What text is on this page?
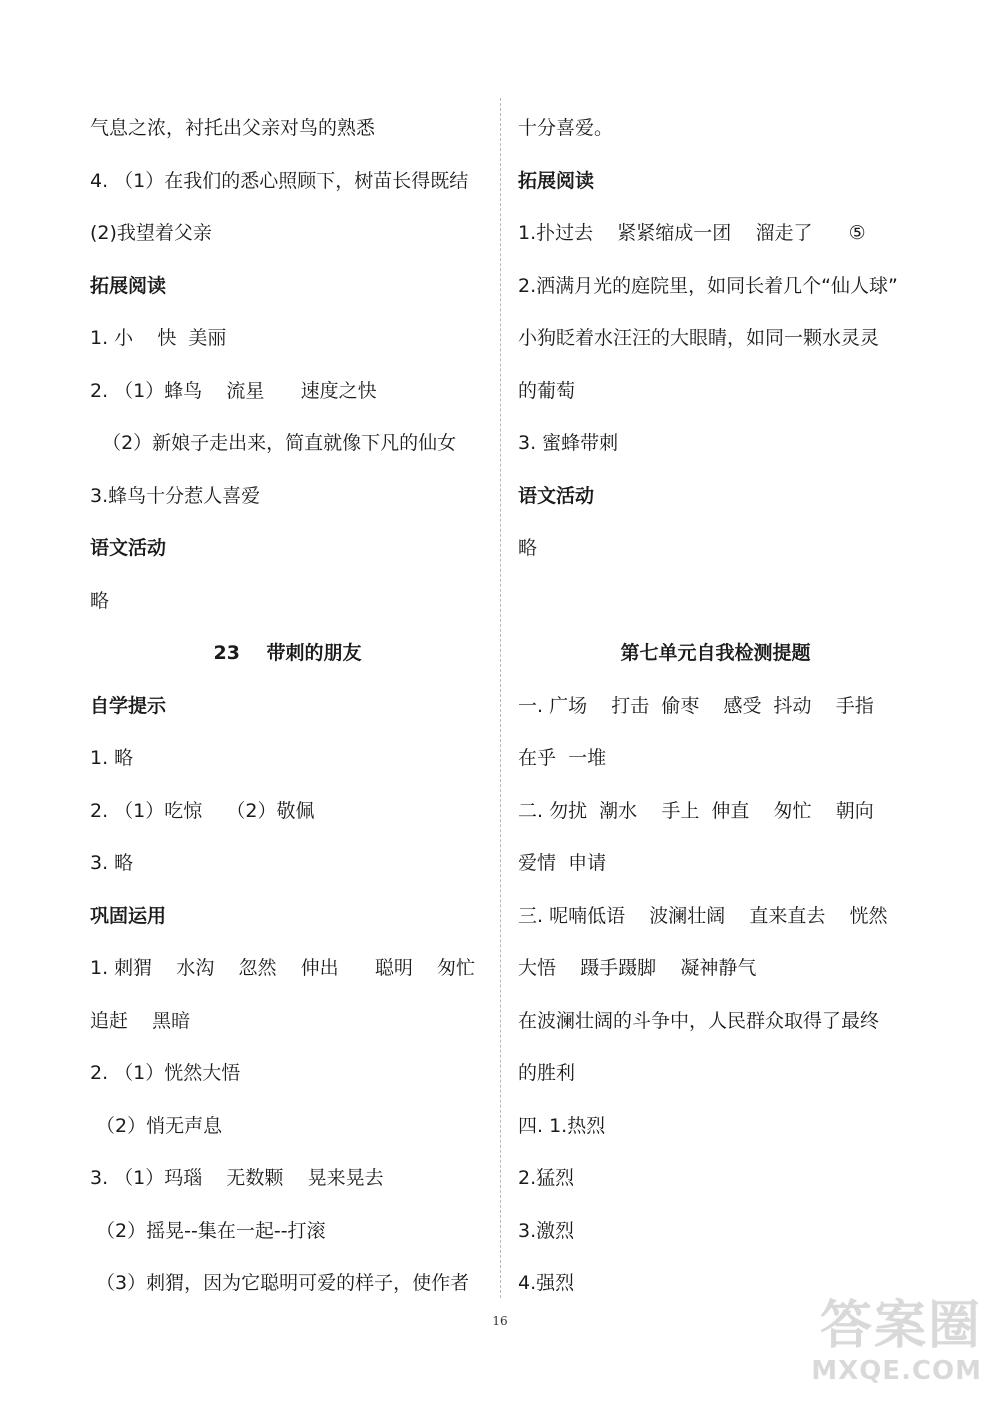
气息之浓，衬托出父亲对鸟的熟悉
4. （1）在我们的悉心照顾下，树苗长得既结
(2)我望着父亲
拓展阅读
1. 小    快  美丽
2. （1）蜂鸟    流星      速度之快
（2）新娘子走出来，简直就像下凡的仙女
3.蜂鸟十分惹人喜爱
语文活动
略
23    带刺的朋友
自学提示
1. 略
2. （1）吃惊    （2）敬佩
3. 略
巩固运用
1. 刺猬    水沟    忽然    伸出      聪明    匆忙
追赶    黑暗
2. （1）恍然大悟
（2）悄无声息
3. （1）玛瑙    无数颗    晃来晃去
（2）摇晃--集在一起--打滚
（3）刺猬，因为它聪明可爱的样子，使作者
十分喜爱。
拓展阅读
1.扑过去    紧紧缩成一团    溜走了      ⑤
2.洒满月光的庭院里，如同长着几个“仙人球”
小狗眨着水汪汪的大眼睛，如同一颗水灵灵
的葡萄
3. 蜜蜂带刺
语文活动
略
第七单元自我检测提题
一. 广场    打击  偷枣    感受  抖动    手指
在乎  一堆
二. 勿扰  潮水    手上  伸直    匆忙    朝向
爱情  申请
三. 呢喃低语    波澜壮阔    直来直去    恍然
大悟    蹑手蹑脚    凝神静气
在波澜壮阔的斗争中，人民群众取得了最终
的胜利
四. 1.热烈
2.猛烈
3.激烈
4.强烈
16	答案圈
MXQE.COM
